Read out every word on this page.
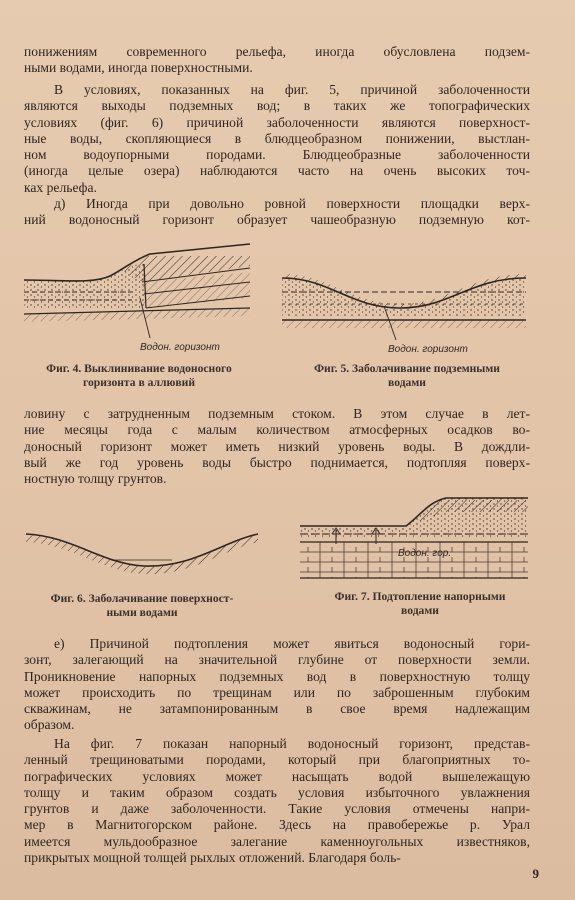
понижениям современного рельефа, иногда обусловлена подзем-
ными водами, иногда поверхностными.
В условиях, показанных на фиг. 5, причиной заболоченности
являются выходы подземных вод; в таких же топографических
условиях (фиг. 6) причиной заболоченности являются поверхност-
ные воды, скопляющиеся в блюдцеобразном понижении, выстлан-
ном водоупорными породами. Блюдцеобразные заболоченности
(иногда целые озера) наблюдаются часто на очень высоких точ-
ках рельефа.
д) Иногда при довольно ровной поверхности площадки верх-
ний водоносный горизонт образует чашеобразную подземную кот-
Водон. горизонт
Фиг. 4. Выклинивание водоносного
горизонта в аллювий
Водон. горизонт
Фиг. 5. Заболачивание подземными
водами
ловину с затрудненным подземным стоком. В этом случае в лет-
ние месяцы года с малым количеством атмосферных осадков во-
доносный горизонт может иметь низкий уровень воды. В дождли-
вый же год уровень воды быстро поднимается, подтопляя поверх-
ностную толщу грунтов.
Фиг. 6. Заболачивание поверхност-
ными водами
Водон. гор.
Фиг. 7. Подтопление напорными
водами
е) Причиной подтопления может явиться водоносный гори-
зонт, залегающий на значительной глубине от поверхности земли.
Проникновение напорных подземных вод в поверхностную толщу
может происходить по трещинам или по заброшенным глубоким
скважинам, не затампонированным в свое время надлежащим
образом.
На фиг. 7 показан напорный водоносный горизонт, представ-
ленный трещиноватыми породами, который при благоприятных то-
пографических условиях может насыщать водой вышележащую
толщу и таким образом создать условия избыточного увлажнения
грунтов и даже заболоченности. Такие условия отмечены напри-
мер в Магнитогорском районе. Здесь на правобережье р. Урал
имеется мульдообразное залегание каменноугольных известняков,
прикрытых мощной толщей рыхлых отложений. Благодаря боль-
9
